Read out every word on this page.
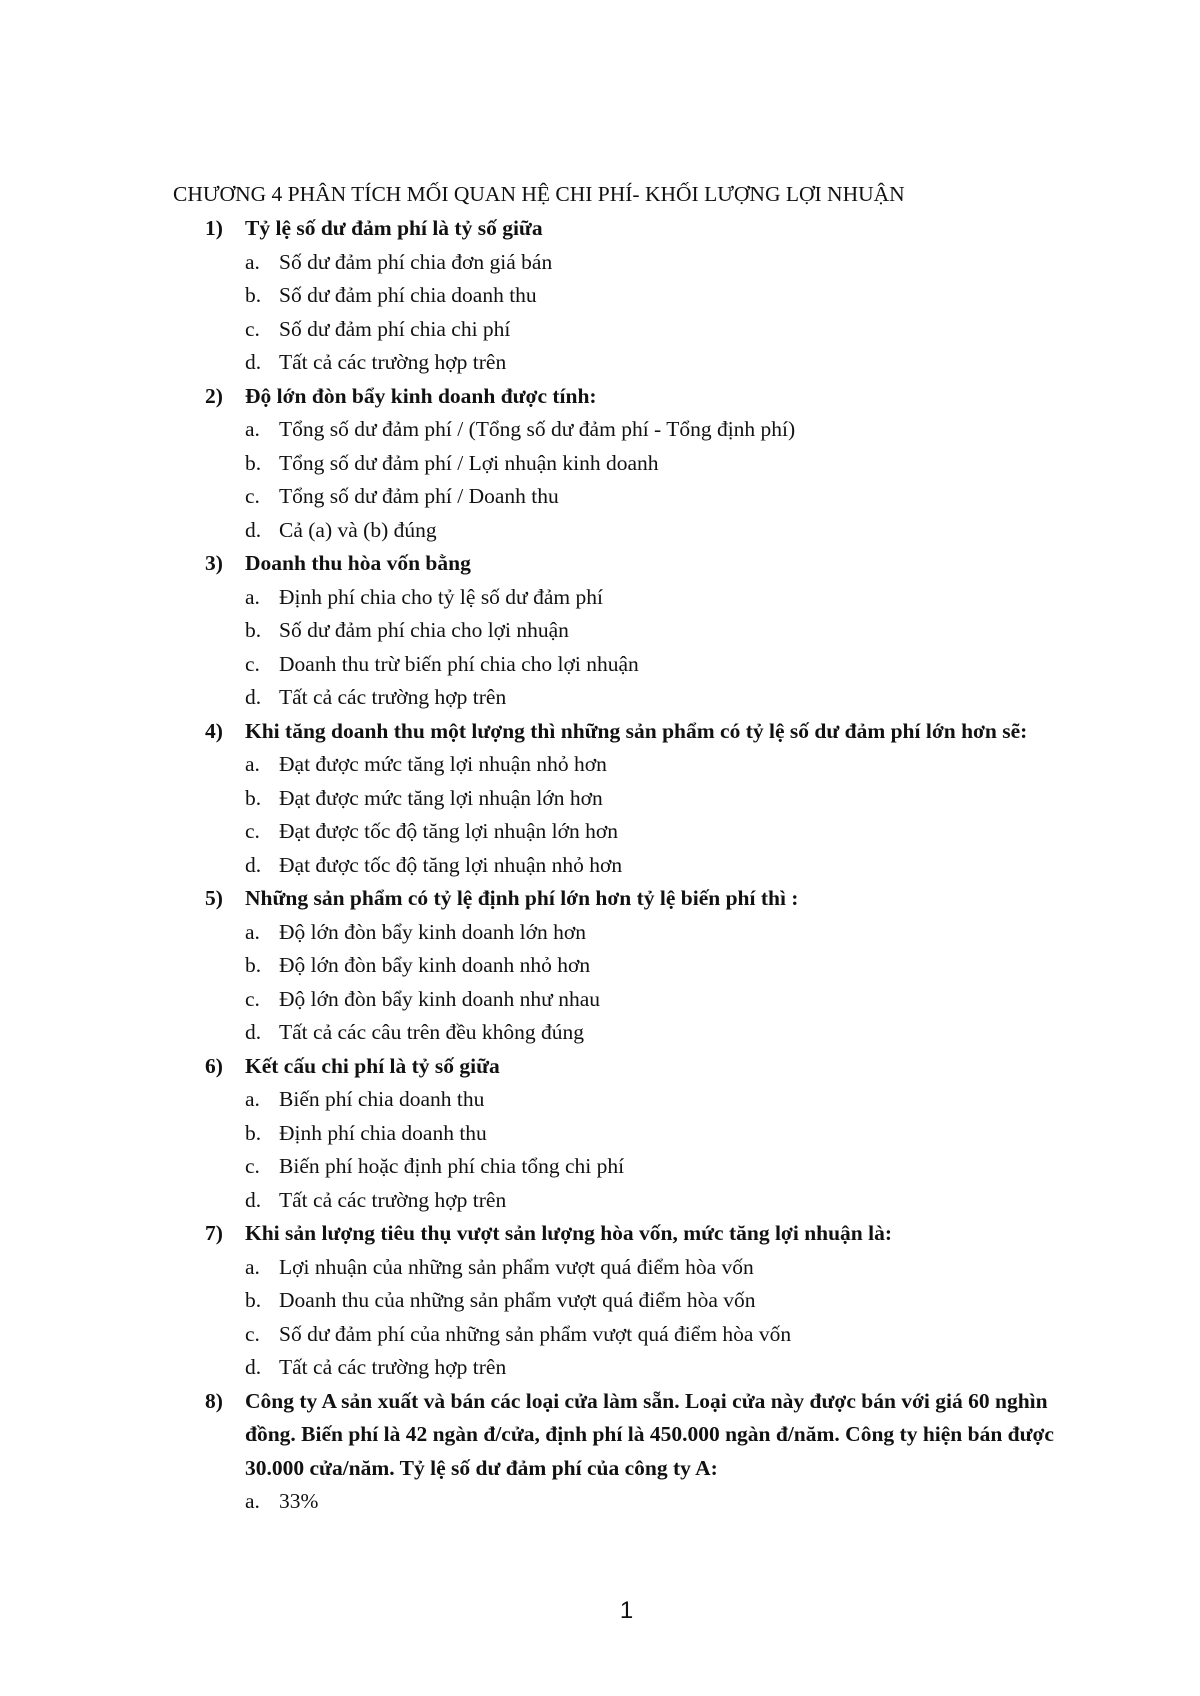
CHƯƠNG 4 PHÂN TÍCH MỐI QUAN HỆ CHI PHÍ- KHỐI LƯỢNG LỢI NHUẬN
1)	Tỷ lệ số dư đảm phí là tỷ số giữa
a. Số dư đảm phí chia đơn giá bán
b. Số dư đảm phí chia doanh thu
c. Số dư đảm phí chia chi phí
d. Tất cả các trường hợp trên
2)	Độ lớn đòn bẩy kinh doanh được tính:
a. Tổng số dư đảm phí / (Tổng số dư đảm phí - Tổng định phí)
b. Tổng số dư đảm phí / Lợi nhuận kinh doanh
c. Tổng số dư đảm phí / Doanh thu
d. Cả (a) và (b) đúng
3)	Doanh thu hòa vốn bằng
a. Định phí chia cho tỷ lệ số dư đảm phí
b. Số dư đảm phí chia cho lợi nhuận
c. Doanh thu trừ biến phí chia cho lợi nhuận
d. Tất cả các trường hợp trên
4)	Khi tăng doanh thu một lượng thì những sản phẩm có tỷ lệ số dư đảm phí lớn hơn sẽ:
a. Đạt được mức tăng lợi nhuận nhỏ hơn
b. Đạt được mức tăng lợi nhuận lớn hơn
c. Đạt được tốc độ tăng lợi nhuận lớn hơn
d. Đạt được tốc độ tăng lợi nhuận nhỏ hơn
5)	Những sản phẩm có tỷ lệ định phí lớn hơn tỷ lệ biến phí thì :
a. Độ lớn đòn bẩy kinh doanh lớn hơn
b. Độ lớn đòn bẩy kinh doanh nhỏ hơn
c. Độ lớn đòn bẩy kinh doanh như nhau
d. Tất cả các câu trên đều không đúng
6)	Kết cấu chi phí là tỷ số giữa
a. Biến phí chia doanh thu
b. Định phí chia doanh thu
c. Biến phí hoặc định phí chia tổng chi phí
d. Tất cả các trường hợp trên
7)	Khi sản lượng tiêu thụ vượt sản lượng hòa vốn, mức tăng lợi nhuận là:
a. Lợi nhuận của những sản phẩm vượt quá điểm hòa vốn
b. Doanh thu của những sản phẩm vượt quá điểm hòa vốn
c. Số dư đảm phí của những sản phẩm vượt quá điểm hòa vốn
d. Tất cả các trường hợp trên
8)	Công ty A sản xuất và bán các loại cửa làm sẵn. Loại cửa này được bán với giá 60 nghìn đồng. Biến phí là 42 ngàn đ/cửa, định phí là 450.000 ngàn đ/năm. Công ty hiện bán được 30.000 cửa/năm. Tỷ lệ số dư đảm phí của công ty A:
a. 33%
1
